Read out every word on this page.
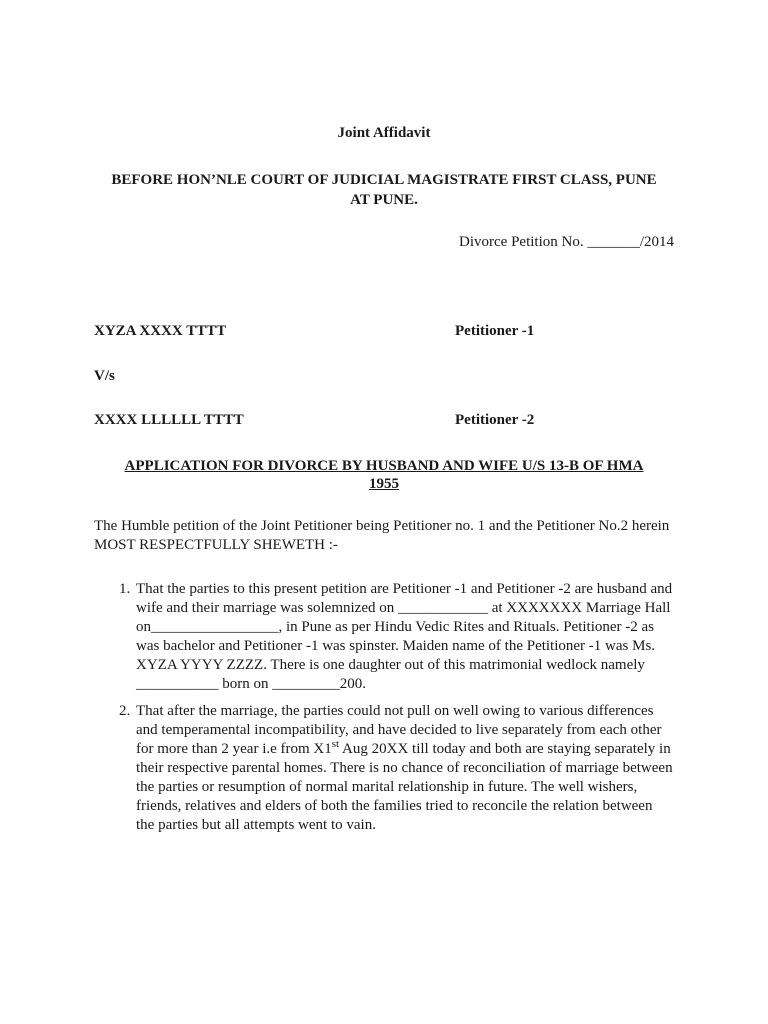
Joint Affidavit
BEFORE HON’NLE COURT OF JUDICIAL MAGISTRATE FIRST CLASS, PUNE
AT PUNE.
Divorce Petition No. _______/2014
XYZA XXXX TTTT	Petitioner -1
V/s
XXXX LLLLLL TTTT	Petitioner -2
APPLICATION FOR DIVORCE BY HUSBAND AND WIFE U/S 13-B OF HMA
1955
The Humble petition of the Joint Petitioner being Petitioner no. 1 and the Petitioner No.2 herein MOST RESPECTFULLY SHEWETH :-
1. That the parties to this present petition are Petitioner -1 and Petitioner -2 are husband and wife and their marriage was solemnized on ____________ at XXXXXXX Marriage Hall on_________________, in Pune as per Hindu Vedic Rites and Rituals. Petitioner -2 as was bachelor and Petitioner -1 was spinster. Maiden name of the Petitioner -1 was Ms. XYZA YYYY ZZZZ. There is one daughter out of this matrimonial wedlock namely ___________ born on _________200.
2. That after the marriage, the parties could not pull on well owing to various differences and temperamental incompatibility, and have decided to live separately from each other for more than 2 year i.e from X1st Aug 20XX till today and both are staying separately in their respective parental homes. There is no chance of reconciliation of marriage between the parties or resumption of normal marital relationship in future. The well wishers, friends, relatives and elders of both the families tried to reconcile the relation between the parties but all attempts went to vain.
